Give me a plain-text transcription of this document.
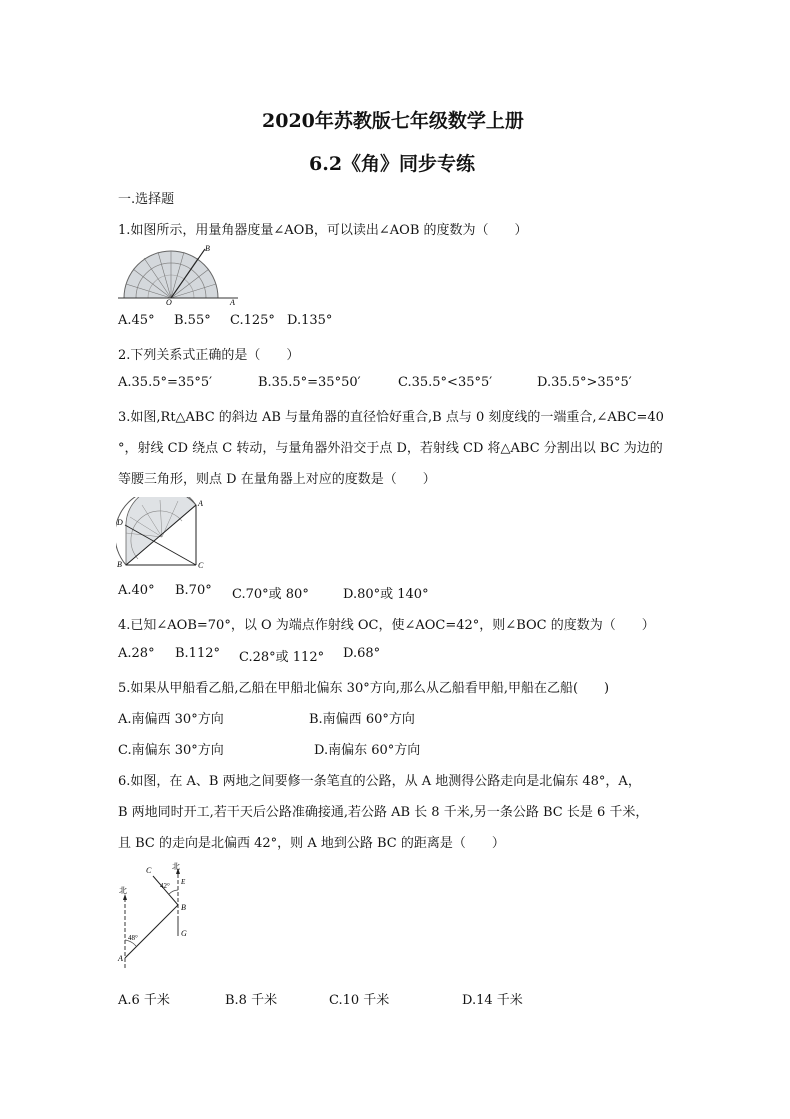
2020年苏教版七年级数学上册
6.2《角》同步专练
一.选择题
1.如图所示，用量角器度量∠AOB，可以读出∠AOB 的度数为（　　）
B
O	A
A.45° B.55° C.125° D.135°
2.下列关系式正确的是（　　）
A.35.5°=35°5′	B.35.5°=35°50′	C.35.5°<35°5′	D.35.5°>35°5′
3.如图,Rt△ABC 的斜边 AB 与量角器的直径恰好重合,B 点与 0 刻度线的一端重合,∠ABC=40
°，射线 CD 绕点 C 转动，与量角器外沿交于点 D，若射线 CD 将△ABC 分割出以 BC 为边的
等腰三角形，则点 D 在量角器上对应的度数是（　　）
D
A
B	C
A.40° B.70° C.70°或 80°	D.80°或 140°
4.已知∠AOB=70°，以 O 为端点作射线 OC，使∠AOC=42°，则∠BOC 的度数为（　　）
A.28° B.112° C.28°或 112° D.68°
5.如果从甲船看乙船,乙船在甲船北偏东 30°方向,那么从乙船看甲船,甲船在乙船(　　)
A.南偏西 30°方向	B.南偏西 60°方向
C.南偏东 30°方向	D.南偏东 60°方向
6.如图，在 A、B 两地之间要修一条笔直的公路，从 A 地测得公路走向是北偏东 48°，A，
B 两地同时开工,若干天后公路准确接通,若公路 AB 长 8 千米,另一条公路 BC 长是 6 千米，
且 BC 的走向是北偏西 42°，则 A 地到公路 BC 的距离是（　　）
C	北
E
42°
北
B
G
48°
A
A.6 千米	B.8 千米	C.10 千米	D.14 千米
